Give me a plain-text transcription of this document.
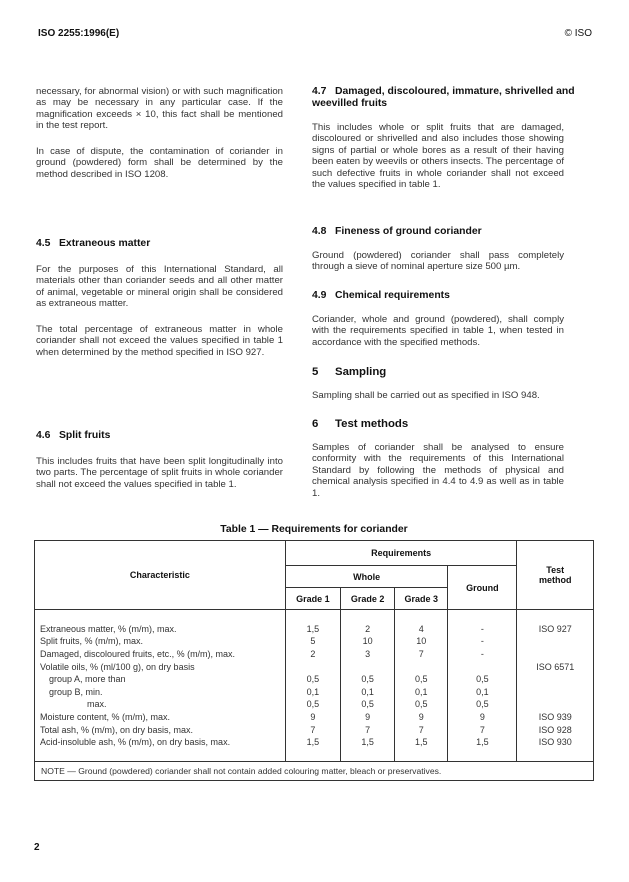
ISO 2255:1996(E)	© ISO

necessary, for abnormal vision) or with such magnification as may be necessary in any particular case. If the magnification exceeds × 10, this fact shall be mentioned in the test report.

In case of dispute, the contamination of coriander in ground (powdered) form shall be determined by the method described in ISO 1208.

4.5 Extraneous matter

For the purposes of this International Standard, all materials other than coriander seeds and all other matter of animal, vegetable or mineral origin shall be considered as extraneous matter.

The total percentage of extraneous matter in whole coriander shall not exceed the values specified in table 1 when determined by the method specified in ISO 927.

4.6 Split fruits

This includes fruits that have been split longitudinally into two parts. The percentage of split fruits in whole coriander shall not exceed the values specified in table 1.

4.7 Damaged, discoloured, immature, shrivelled and weevilled fruits

This includes whole or split fruits that are damaged, discoloured or shrivelled and also includes those showing signs of partial or whole bores as a result of their having been eaten by weevils or others insects. The percentage of such defective fruits in whole coriander shall not exceed the values specified in table 1.

4.8 Fineness of ground coriander

Ground (powdered) coriander shall pass completely through a sieve of nominal aperture size 500 µm.

4.9 Chemical requirements

Coriander, whole and ground (powdered), shall comply with the requirements specified in table 1, when tested in accordance with the specified methods.

5 Sampling

Sampling shall be carried out as specified in ISO 948.

6 Test methods

Samples of coriander shall be analysed to ensure conformity with the requirements of this International Standard by following the methods of physical and chemical analysis specified in 4.4 to 4.9 as well as in table 1.

Table 1 — Requirements for coriander
Characteristic	Requirements				Test method
	Whole			Ground	
	Grade 1	Grade 2	Grade 3		

Extraneous matter, % (m/m), max.	1,5	2	4	-	ISO 927
Split fruits, % (m/m), max.	5	10	10	-	
Damaged, discoloured fruits, etc., % (m/m), max.	2	3	7	-	
Volatile oils, % (ml/100 g), on dry basis					ISO 6571
group A, more than	0,5	0,5	0,5	0,5	
group B, min.	0,1	0,1	0,1	0,1	
max.	0,5	0,5	0,5	0,5	
Moisture content, % (m/m), max.	9	9	9	9	ISO 939
Total ash, % (m/m), on dry basis, max.	7	7	7	7	ISO 928
Acid-insoluble ash, % (m/m), on dry basis, max.	1,5	1,5	1,5	1,5	ISO 930

NOTE — Ground (powdered) coriander shall not contain added colouring matter, bleach or preservatives.					
2
